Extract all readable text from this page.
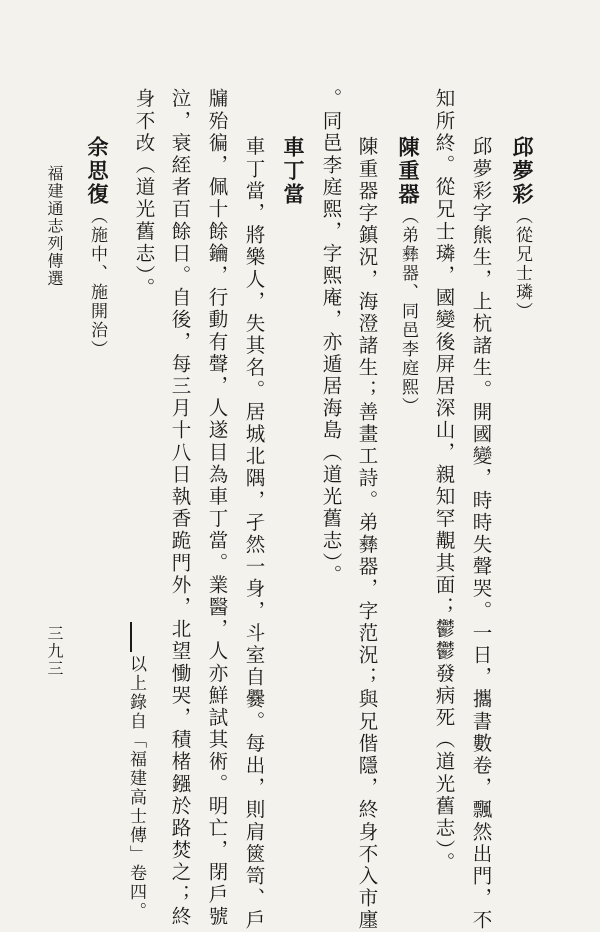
邱夢彩（從兄士璘）
邱夢彩字熊生，上杭諸生。開國變，時時失聲哭。一日，攜書數卷，飄然出門，不
知所終。從兄士璘，國變後屏居深山，親知罕覯其面；鬱鬱發病死（道光舊志）。
陳重器（弟彝器、同邑李庭熙）
陳重器字鎮況，海澄諸生；善畫工詩。弟彝器，字范況；與兄偕隱，終身不入市廛
。同邑李庭熙，字熙庵，亦遁居海島（道光舊志）。
車丁當
車丁當，將樂人，失其名。居城北隅，孑然一身，斗室自爨。每出，則肩篋笥、戶
牖殆徧，佩十餘鑰，行動有聲，人遂目為車丁當。業醫，人亦鮮試其術。明亡，閉戶號
泣，衰絰者百餘日。自後，每三月十八日執香跪門外，北望慟哭，積楮鏹於路焚之；終
身不改（道光舊志）。
以上錄自「福建高士傳」卷四。
余思復（施中、施開治）
福建通志列傳選
三九三
